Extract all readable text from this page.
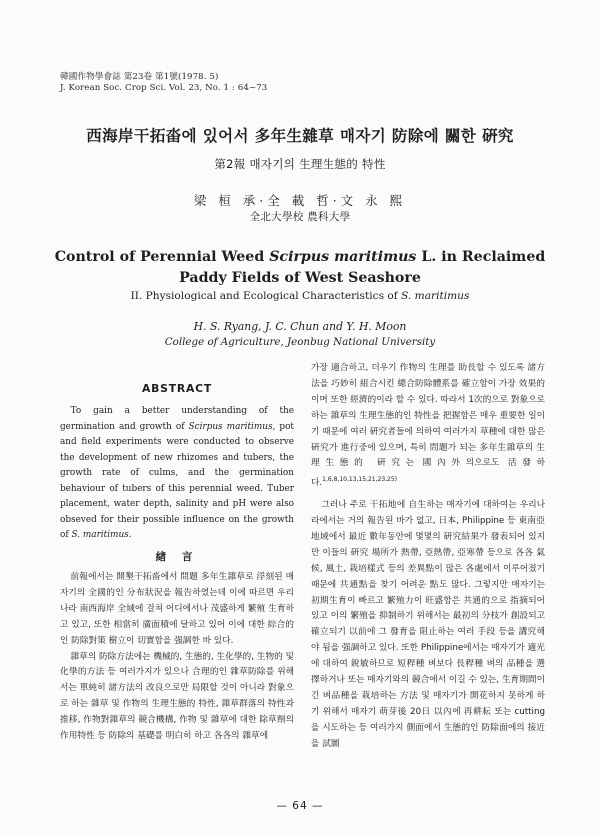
韓國作物學會誌 第23卷 第1號(1978. 5)
J. Korean Soc. Crop Sci. Vol. 23, No. 1 : 64~73
西海岸干拓畓에 있어서 多年生雜草 매자기 防除에 關한 硏究
第2報 매자기의 生理生態的 特性
梁 桓 承·全 載 哲·文 永 熙
全北大學校 農科大學
Control of Perennial Weed Scirpus maritimus L. in Reclaimed
Paddy Fields of West Seashore
II. Physiological and Ecological Characteristics of S. maritimus
H. S. Ryang, J. C. Chun and Y. H. Moon
College of Agriculture, Jeonbug National University
ABSTRACT

To gain a better understanding of the germination and growth of Scirpus maritimus, pot and field experiments were conducted to observe the development of new rhizomes and tubers, the growth rate of culms, and the germination behaviour of tubers of this perennial weed. Tuber placement, water depth, salinity and pH were also obseved for their possible influence on the growth of S. maritimus.

緖 言

前報에서는 開墾干拓畓에서 問題 多年生雜草로 浮刻된 매자기의 全國的인 分布狀況을 報告하였는데 이에 따르면 우리나라 南西海岸 全域에 걸쳐 어디에서나 茂盛하게 繁殖 生育하고 있고, 또한 相當히 廣面積에 달하고 있어 이에 대한 綜合的인 防除對策 樹立이 切實함을 强調한 바 있다.

雜草의 防除方法에는 機械的, 生態的, 生化學的, 生物的 및 化學的方法 등 여러가지가 있으나 合理的인 雜草防除를 위해서는 單純히 諸方法의 改良으로만 局限할 것이 아니라 對象으로 하는 雜草 및 作物의 生理生態的 特性, 雜草群落의 特性과 推移, 作物對雜草의 競合機構, 作物 및 雜草에 대한 除草劑의 作用特性 등 防除의 基礎를 明白히 하고 各各의 雜草에

가장 適合하고, 더우기 作物의 生理를 助長할 수 있도록 諸方法을 巧妙히 組合시킨 總合防除體系를 確立함이 가장 效果的이며 또한 經濟的이라 할 수 있다. 따라서 1次的으로 對象으로 하는 雜草의 生理生態的인 特性을 把握함은 매우 重要한 일이기 때문에 여러 硏究者들에 의하여 여러가지 草種에 대한 많은 硏究가 進行중에 있으며, 특히 問題가 되는 多年生雜草의 生理生態的 硏究는 國內外의으로도 活發하다.$^{1,6,8,10,13,15,21,23,25)}$

그러나 주로 干拓地에 自生하는 매자기에 대하여는 우리나라에서는 거의 報告된 바가 없고, 日本, Philippine 등 東南亞地域에서 最近 數年동안에 몇몇의 硏究結果가 發表되어 있지만 이들의 硏究 場所가 熱帶, 亞熱帶, 亞寒帶 등으로 各各 氣候, 風土, 栽培樣式 등의 差異點이 많은 各處에서 이루어졌기 때문에 共通點을 찾기 어려운 點도 많다. 그렇지만 매자기는 初期生育이 빠르고 繁殖力이 旺盛함은 共通的으로 指摘되어 있고 이의 繁殖을 抑制하기 위해서는 最初의 分枝가 創設되고 確立되기 以前에 그 發育을 阻止하는 여러 手段 등을 講究해야 됨을 强調하고 있다. 또한 Philippine에서는 매자기가 適光에 대하여 銳敏하므로 短稈種 벼보다 長稈種 벼의 品種을 選擇하거나 또는 매자기와의 競合에서 이길 수 있는, 生育期間이 긴 벼品種을 栽培하는 方法 및 매자기가 開花하지 못하게 하기 위해서 매자기 萌芽後 20日 以內에 再耕耘 또는 cutting을 시도하는 등 여러가지 側面에서 生態的인 防除面에의 接近을 試圖

— 64 —
